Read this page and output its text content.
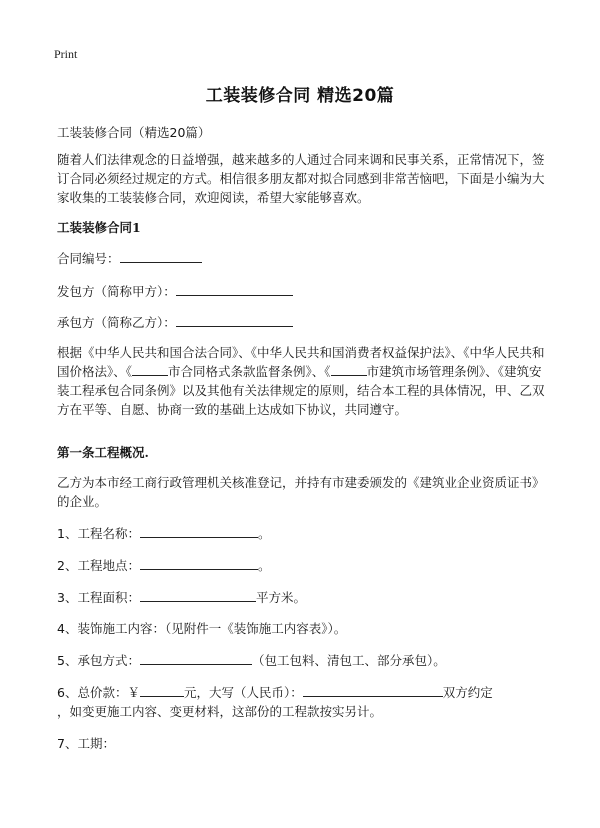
Print
工装装修合同 精选20篇
工装装修合同（精选20篇）
随着人们法律观念的日益增强，越来越多的人通过合同来调和民事关系，正常情况下，签订合同必须经过规定的方式。相信很多朋友都对拟合同感到非常苦恼吧，下面是小编为大家收集的工装装修合同，欢迎阅读，希望大家能够喜欢。
工装装修合同1
合同编号：
发包方（简称甲方）：
承包方（简称乙方）：
根据《中华人民共和国合法合同》、《中华人民共和国消费者权益保护法》、《中华人民共和国价格法》、《	市合同格式条款监督条例》、《	市建筑市场管理条例》、《建筑安装工程承包合同条例》以及其他有关法律规定的原则，结合本工程的具体情况，甲、乙双方在平等、自愿、协商一致的基础上达成如下协议，共同遵守。
第一条工程概况.
乙方为本市经工商行政管理机关核准登记，并持有市建委颁发的《建筑业企业资质证书》的企业。
1、工程名称：	。
2、工程地点：	。
3、工程面积：	平方米。
4、装饰施工内容：（见附件一《装饰施工内容表》）。
5、承包方式：	（包工包料、清包工、部分承包）。
6、总价款：￥	元，大写（人民币）：	双方约定
，如变更施工内容、变更材料，这部份的工程款按实另计。
7、工期：
